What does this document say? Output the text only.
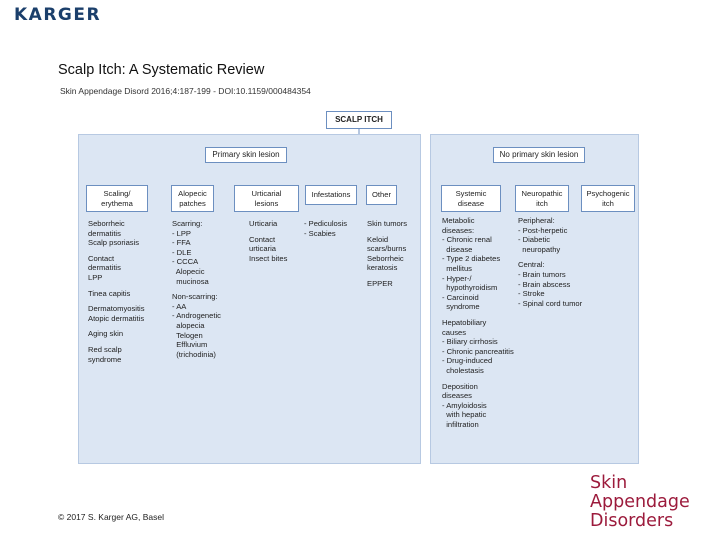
KARGER
Scalp Itch: A Systematic Review
Skin Appendage Disord 2016;4:187-199 - DOI:10.1159/000484354
SCALP ITCH
Primary skin lesion	No primary skin lesion
Scaling/
erythema
Alopecic
patches
Urticarial
lesions
Infestations	Other	Systemic
disease
Neuropathic
itch
Psychogenic
itch
Seborrheic
dermatitis
Scalp psoriasis
Contact
dermatitis
LPP
Tinea capitis
Dermatomyositis
Atopic dermatitis
Aging skin
Red scalp
syndrome
Scarring:
- LPP
- FFA
- DLE
- CCCA
Alopecic
mucinosa
Non-scarring:
- AA
- Androgenetic
alopecia
Telogen
Effluvium
(trichodinia)
Urticaria
Contact
urticaria
Insect bites
- Pediculosis
- Scabies
Skin tumors
Keloid
scars/burns
Seborrheic
keratosis
EPPER
Metabolic
diseases:
- Chronic renal
disease
- Type 2 diabetes
mellitus
- Hyper-/
hypothyroidism
- Carcinoid
syndrome
Hepatobiliary
causes
- Biliary cirrhosis
- Chronic pancreatitis
- Drug-induced
cholestasis
Deposition
diseases
- Amyloidosis
with hepatic
infiltration
Peripheral:
- Post-herpetic
- Diabetic
neuropathy
Central:
- Brain tumors
- Brain abscess
- Stroke
- Spinal cord tumor
© 2017 S. Karger AG, Basel
Skin
Appendage
Disorders
